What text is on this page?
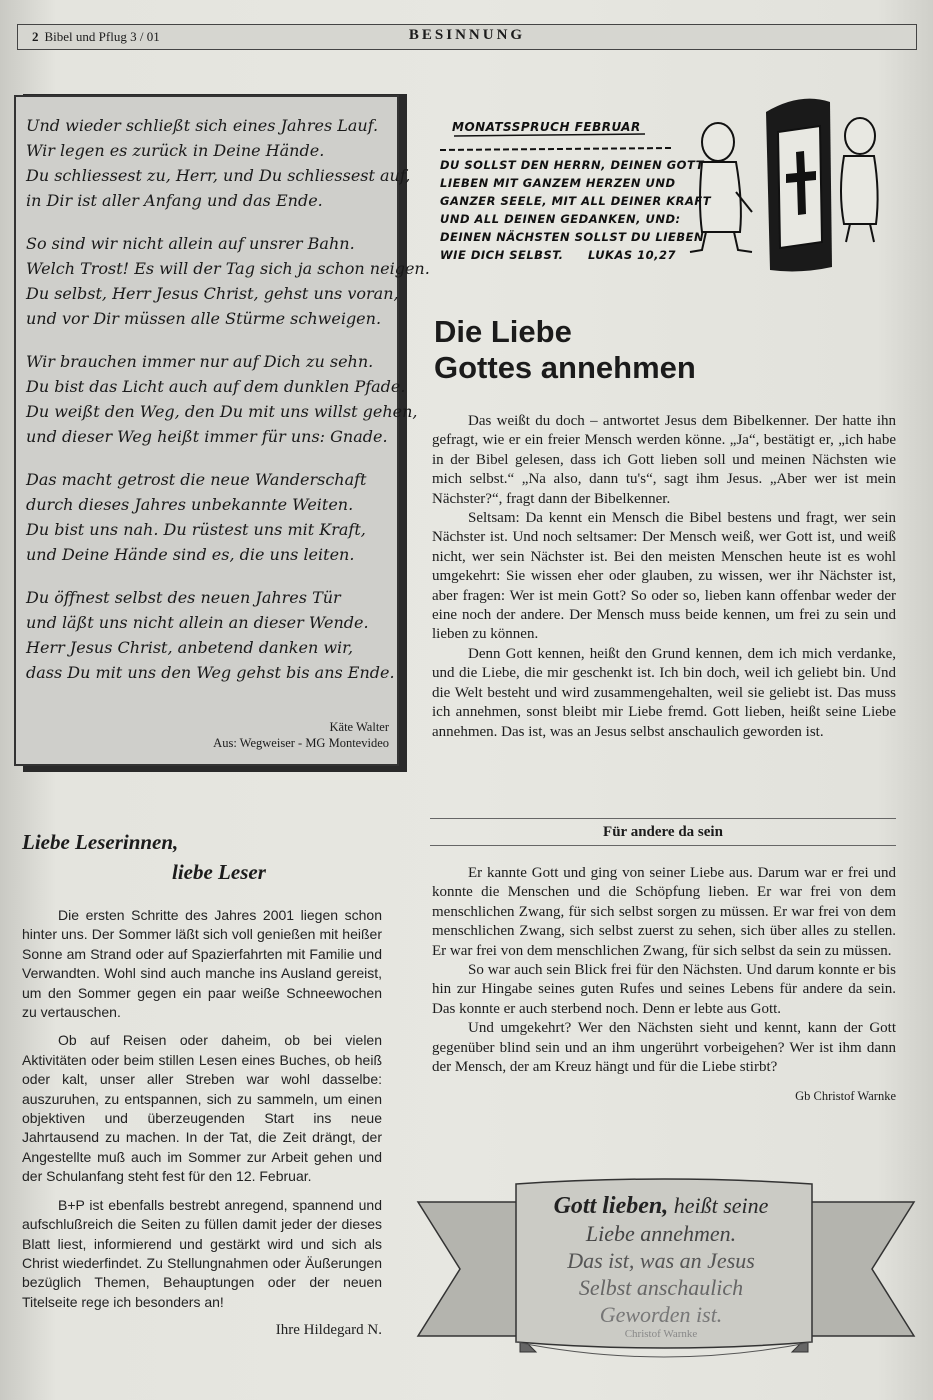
2 Bibel und Pflug 3 / 01	BESINNUNG
Und wieder schließt sich eines Jahres Lauf.
Wir legen es zurück in Deine Hände.
Du schliessest zu, Herr, und Du schliessest auf,
in Dir ist aller Anfang und das Ende.
So sind wir nicht allein auf unsrer Bahn.
Welch Trost! Es will der Tag sich ja schon neigen.
Du selbst, Herr Jesus Christ, gehst uns voran,
und vor Dir müssen alle Stürme schweigen.
Wir brauchen immer nur auf Dich zu sehn.
Du bist das Licht auch auf dem dunklen Pfade.
Du weißt den Weg, den Du mit uns willst gehen,
und dieser Weg heißt immer für uns: Gnade.
Das macht getrost die neue Wanderschaft
durch dieses Jahres unbekannte Weiten.
Du bist uns nah. Du rüstest uns mit Kraft,
und Deine Hände sind es, die uns leiten.
Du öffnest selbst des neuen Jahres Tür
und läßt uns nicht allein an dieser Wende.
Herr Jesus Christ, anbetend danken wir,
dass Du mit uns den Weg gehst bis ans Ende.
Käte Walter
Aus: Wegweiser - MG Montevideo
Liebe Leserinnen,
liebe Leser

Die ersten Schritte des Jahres 2001 liegen schon hinter uns. Der Sommer läßt sich voll genießen mit heißer Sonne am Strand oder auf Spazierfahrten mit Familie und Verwandten. Wohl sind auch manche ins Ausland gereist, um den Sommer gegen ein paar weiße Schneewochen zu vertauschen.

Ob auf Reisen oder daheim, ob bei vielen Aktivitäten oder beim stillen Lesen eines Buches, ob heiß oder kalt, unser aller Streben war wohl dasselbe: auszuruhen, zu entspannen, sich zu sammeln, um einen objektiven und überzeugenden Start ins neue Jahrtausend zu machen. In der Tat, die Zeit drängt, der Angestellte muß auch im Sommer zur Arbeit gehen und der Schulanfang steht fest für den 12. Februar.

B+P ist ebenfalls bestrebt anregend, spannend und aufschlußreich die Seiten zu füllen damit jeder der dieses Blatt liest, informierend und gestärkt wird und sich als Christ wiederfindet. Zu Stellungnahmen oder Äußerungen bezüglich Themen, Behauptungen oder der neuen Titelseite rege ich besonders an!

Ihre Hildegard N.

MONATSSPRUCH FEBRUAR
DU SOLLST DEN HERRN, DEINEN GOTT
LIEBEN MIT GANZEM HERZEN UND
GANZER SEELE, MIT ALL DEINER KRAFT
UND ALL DEINEN GEDANKEN, UND:
DEINEN NÄCHSTEN SOLLST DU LIEBEN
WIE DICH SELBST. LUKAS 10,27
Die Liebe
Gottes annehmen

Das weißt du doch – antwortet Jesus dem Bibelkenner. Der hatte ihn gefragt, wie er ein freier Mensch werden könne. „Ja“, bestätigt er, „ich habe in der Bibel gelesen, dass ich Gott lieben soll und meinen Nächsten wie mich selbst.“ „Na also, dann tu's“, sagt ihm Jesus. „Aber wer ist mein Nächster?“, fragt dann der Bibelkenner.

Seltsam: Da kennt ein Mensch die Bibel bestens und fragt, wer sein Nächster ist. Und noch seltsamer: Der Mensch weiß, wer Gott ist, und weiß nicht, wer sein Nächster ist. Bei den meisten Menschen heute ist es wohl umgekehrt: Sie wissen eher oder glauben, zu wissen, wer ihr Nächster ist, aber fragen: Wer ist mein Gott? So oder so, lieben kann offenbar weder der eine noch der andere. Der Mensch muss beide kennen, um frei zu sein und lieben zu können.

Denn Gott kennen, heißt den Grund kennen, dem ich mich verdanke, und die Liebe, die mir geschenkt ist. Ich bin doch, weil ich geliebt bin. Und die Welt besteht und wird zusammengehalten, weil sie geliebt ist. Das muss ich annehmen, sonst bleibt mir Liebe fremd. Gott lieben, heißt seine Liebe annehmen. Das ist, was an Jesus selbst anschaulich geworden ist.

Für andere da sein

Er kannte Gott und ging von seiner Liebe aus. Darum war er frei und konnte die Menschen und die Schöpfung lieben. Er war frei von dem menschlichen Zwang, für sich selbst sorgen zu müssen. Er war frei von dem menschlichen Zwang, sich selbst zuerst zu sehen, sich über alles zu stellen. Er war frei von dem menschlichen Zwang, für sich selbst da sein zu müssen.

So war auch sein Blick frei für den Nächsten. Und darum konnte er bis hin zur Hingabe seines guten Rufes und seines Lebens für andere da sein. Das konnte er auch sterbend noch. Denn er lebte aus Gott.

Und umgekehrt? Wer den Nächsten sieht und kennt, kann der Gott gegenüber blind sein und an ihm ungerührt vorbeigehen? Wer ist ihm dann der Mensch, der am Kreuz hängt und für die Liebe stirbt?

Gb Christof Warnke

Gott lieben, heißt seine
Liebe annehmen.
Das ist, was an Jesus
Selbst anschaulich
Geworden ist.
Christof Warnke
